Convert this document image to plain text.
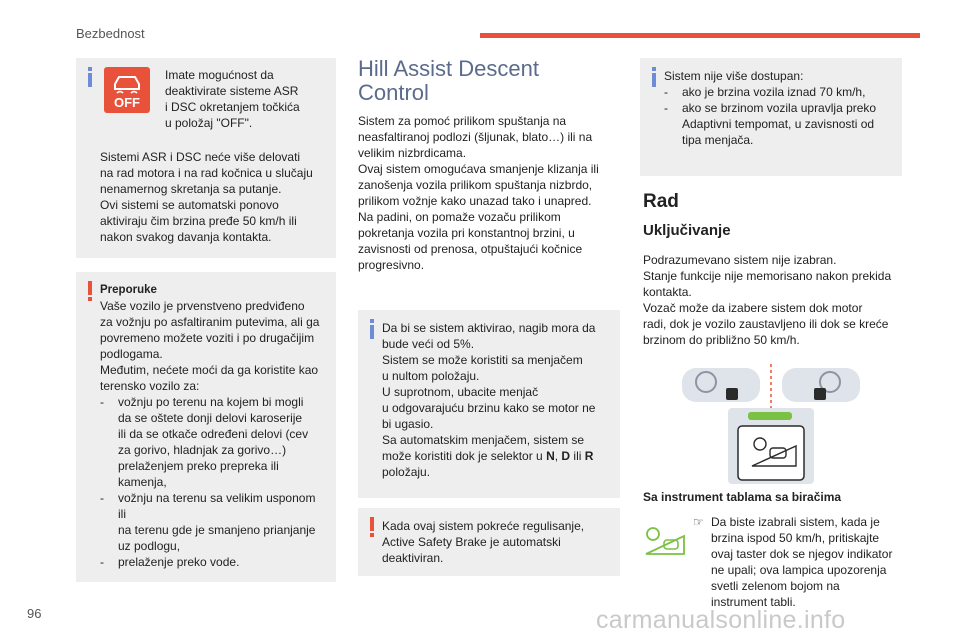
Bezbednost
OFF

Imate mogućnost da

deaktivirate sisteme ASR

i DSC okretanjem točkića

u položaj "OFF".

Sistemi ASR i DSC neće više delovati

na rad motora i na rad kočnica u slučaju

nenamernog skretanja sa putanje.

Ovi sistemi se automatski ponovo

aktiviraju čim brzina pređe 50 km/h ili

nakon svakog davanja kontakta.

Preporuke

Vaše vozilo je prvenstveno predviđeno

za vožnju po asfaltiranim putevima, ali ga

povremeno možete voziti i po drugačijim

podlogama.

Međutim, nećete moći da ga koristite kao

terensko vozilo za:

-	vožnju po terenu na kojem bi mogli

da se oštete donji delovi karoserije

ili da se otkače određeni delovi (cev

za gorivo, hladnjak za gorivo…)

prelaženjem preko prepreka ili

kamenja,

-	vožnju na terenu sa velikim usponom ili

na terenu gde je smanjeno prianjanje

uz podlogu,

-	prelaženje preko vode.

Hill Assist Descent
Control

Sistem za pomoć prilikom spuštanja na

neasfaltiranoj podlozi (šljunak, blato…) ili na

velikim nizbrdicama.

Ovaj sistem omogućava smanjenje klizanja ili

zanošenja vozila prilikom spuštanja nizbrdo,

prilikom vožnje kako unazad tako i unapred.

Na padini, on pomaže vozaču prilikom

pokretanja vozila pri konstantnoj brzini, u

zavisnosti od prenosa, otpuštajući kočnice

progresivno.

Da bi se sistem aktivirao, nagib mora da

bude veći od 5%.

Sistem se može koristiti sa menjačem

u nultom položaju.

U suprotnom, ubacite menjač

u odgovarajuću brzinu kako se motor ne

bi ugasio.

Sa automatskim menjačem, sistem se

može koristiti dok je selektor u N, D ili R

položaju.

Kada ovaj sistem pokreće regulisanje,

Active Safety Brake je automatski

deaktiviran.

Sistem nije više dostupan:

-	ako je brzina vozila iznad 70 km/h,

-	ako se brzinom vozila upravlja preko

Adaptivni tempomat, u zavisnosti od

tipa menjača.

Rad
Uključivanje

Podrazumevano sistem nije izabran.

Stanje funkcije nije memorisano nakon prekida

kontakta.

Vozač može da izabere sistem dok motor

radi, dok je vozilo zaustavljeno ili dok se kreće

brzinom do približno 50 km/h.

Sa instrument tablama sa biračima

☞ Da biste izabrali sistem, kada je

brzina ispod 50 km/h, pritiskajte

ovaj taster dok se njegov indikator

ne upali; ova lampica upozorenja

svetli zelenom bojom na

instrument tabli.

96	carmanualsonline.info
